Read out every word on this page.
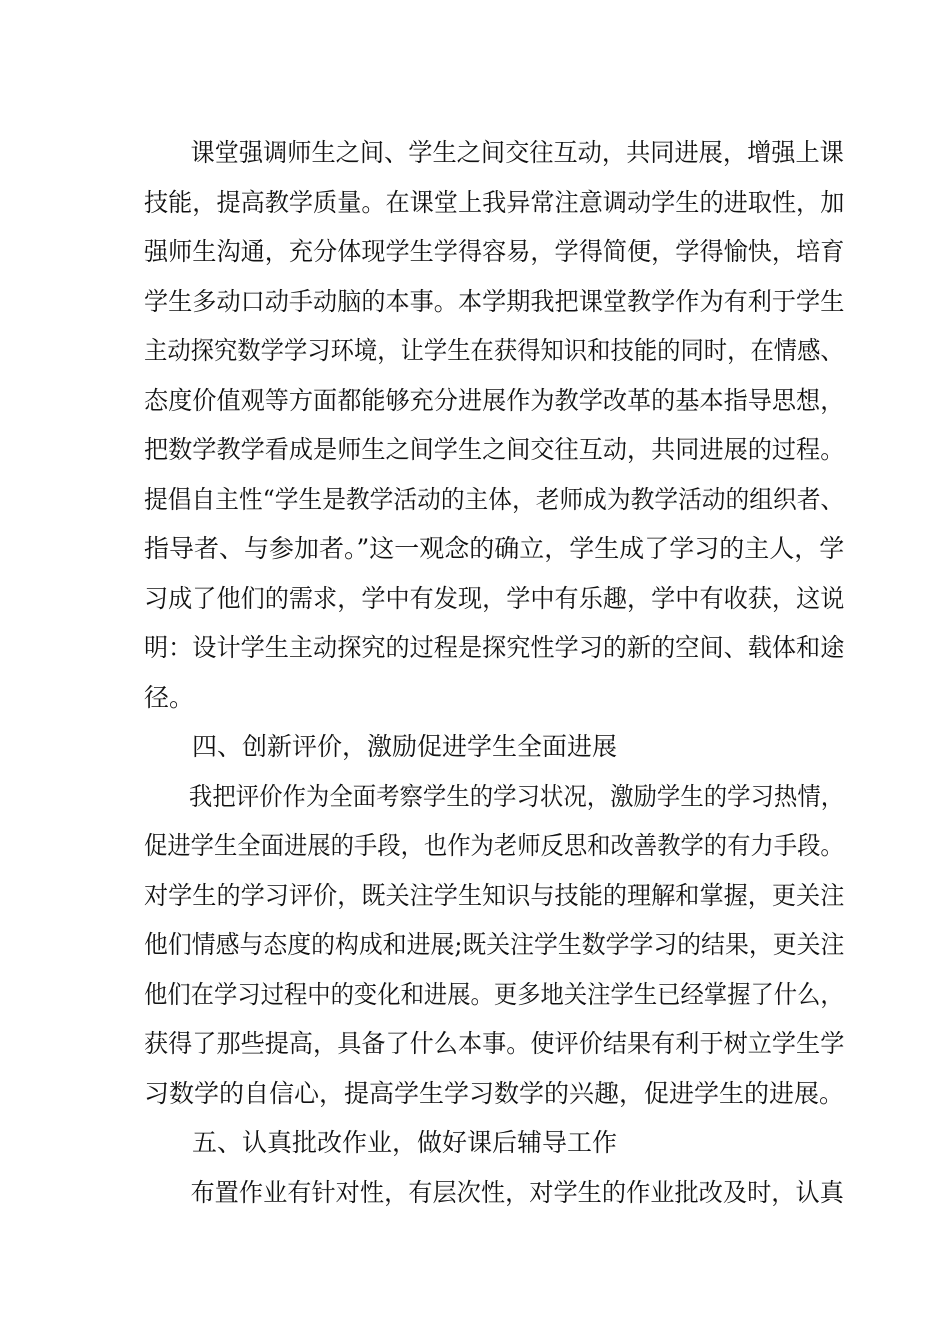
课堂强调师生之间、学生之间交往互动，共同进展，增强上课
技能，提高教学质量。在课堂上我异常注意调动学生的进取性，加
强师生沟通，充分体现学生学得容易，学得简便，学得愉快，培育
学生多动口动手动脑的本事。本学期我把课堂教学作为有利于学生
主动探究数学学习环境，让学生在获得知识和技能的同时，在情感、
态度价值观等方面都能够充分进展作为教学改革的基本指导思想，
把数学教学看成是师生之间学生之间交往互动，共同进展的过程。
提倡自主性“学生是教学活动的主体，老师成为教学活动的组织者、
指导者、与参加者。”这一观念的确立，学生成了学习的主人，学
习成了他们的需求，学中有发现，学中有乐趣，学中有收获，这说
明：设计学生主动探究的过程是探究性学习的新的空间、载体和途
径。
四、创新评价，激励促进学生全面进展
我把评价作为全面考察学生的学习状况，激励学生的学习热情，
促进学生全面进展的手段，也作为老师反思和改善教学的有力手段。
对学生的学习评价，既关注学生知识与技能的理解和掌握，更关注
他们情感与态度的构成和进展;既关注学生数学学习的结果，更关注
他们在学习过程中的变化和进展。更多地关注学生已经掌握了什么，
获得了那些提高，具备了什么本事。使评价结果有利于树立学生学
习数学的自信心，提高学生学习数学的兴趣，促进学生的进展。
五、认真批改作业，做好课后辅导工作
布置作业有针对性，有层次性，对学生的作业批改及时，认真
